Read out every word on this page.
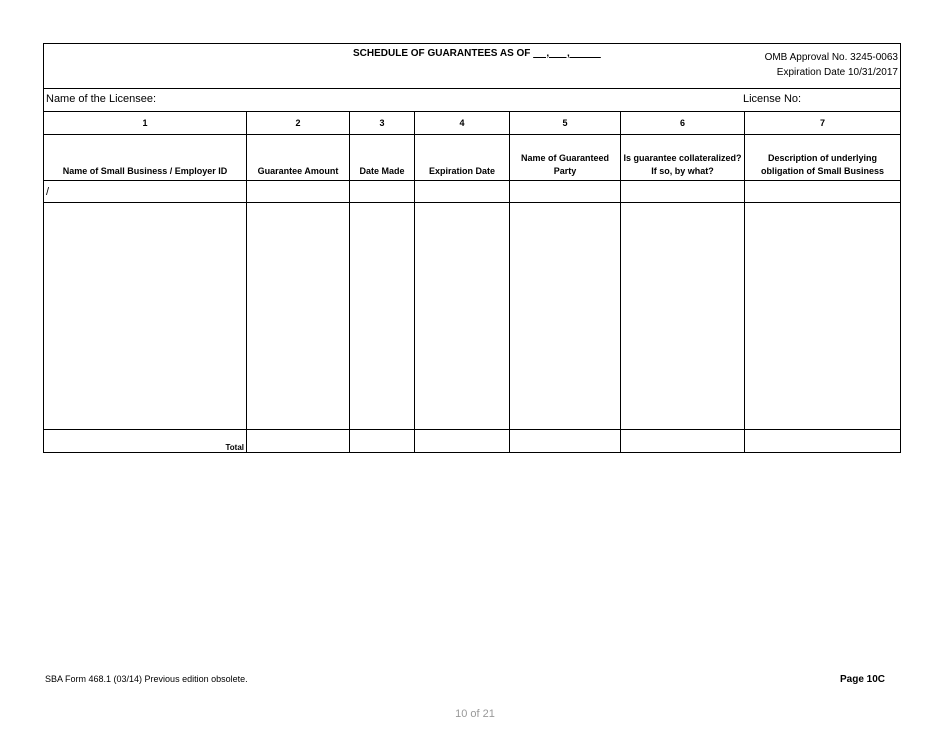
SCHEDULE OF GUARANTEES AS OF __, __, ____	OMB Approval No. 3245-0063
Expiration Date 10/31/2017
Name of the Licensee:	License No:
1	2	3	4	5	6	7
Name of Small Business / Employer ID	Guarantee Amount	Date Made	Expiration Date	Name of Guaranteed Party	Is guarantee collateralized? If so, by what?	Description of underlying obligation of Small Business
/						

Total						
SBA Form 468.1 (03/14) Previous edition obsolete.	Page 10C
10 of 21
